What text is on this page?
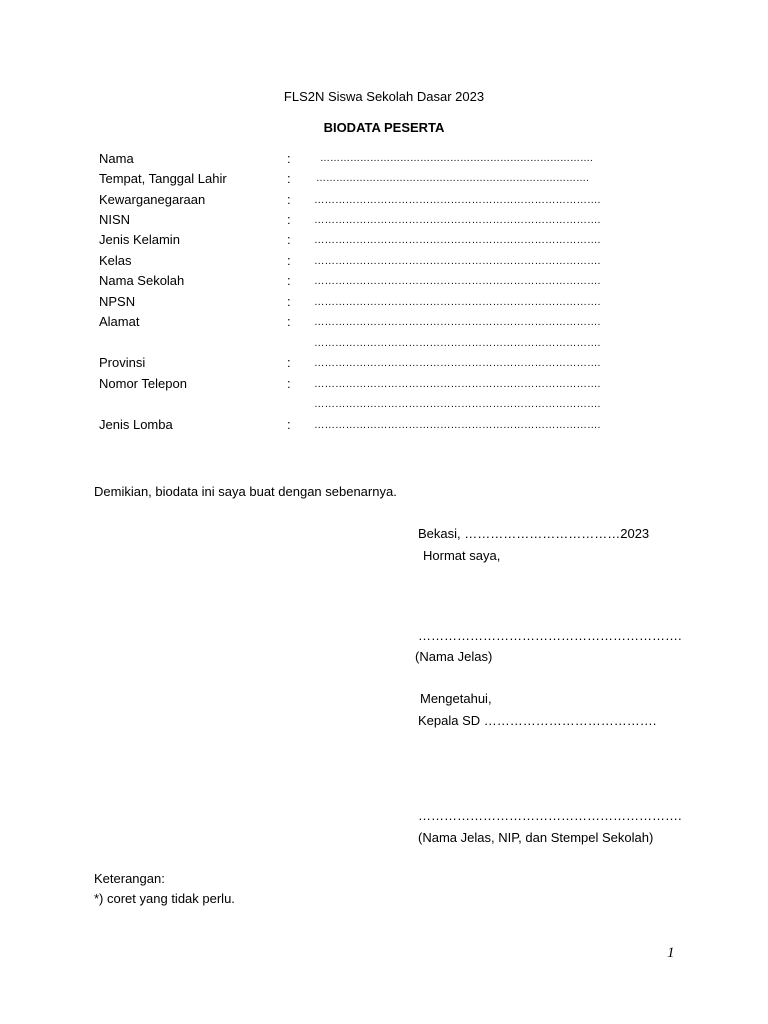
FLS2N Siswa Sekolah Dasar 2023
BIODATA PESERTA
Nama	:	……………………………………………………………………….
Tempat, Tanggal Lahir	:	……………………………………………………………………….
Kewarganegaraan	: ……………………………………………………………………….
NISN	: ……………………………………………………………………….
Jenis Kelamin	: ……………………………………………………………………….
Kelas	: ……………………………………………………………………….
Nama Sekolah	: ……………………………………………………………………….
NPSN	: ……………………………………………………………………….
Alamat	: ……………………………………………………………………….
……………………………………………………………………….
Provinsi	: ……………………………………………………………………….
Nomor Telepon	: ……………………………………………………………………….
……………………………………………………………………….
Jenis Lomba	: ……………………………………………………………………….
Demikian, biodata ini saya buat dengan sebenarnya.
Bekasi, ………………………………2023
Hormat saya,
…………………………………………………….
(Nama Jelas)
Mengetahui,
Kepala SD ………………………………….
…………………………………………………….
(Nama Jelas, NIP, dan Stempel Sekolah)
Keterangan:
*) coret yang tidak perlu.
1
